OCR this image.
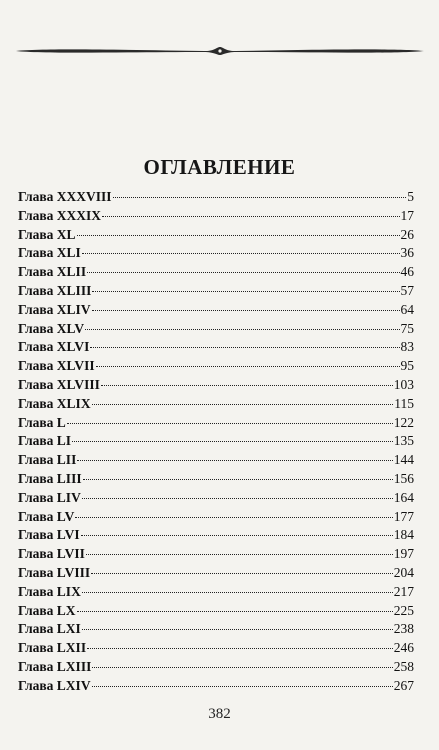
ОГЛАВЛЕНИЕ
Глава XXXVIII	5
Глава XXXIX	17
Глава XL	26
Глава XLI	36
Глава XLII	46
Глава XLIII	57
Глава XLIV	64
Глава XLV	75
Глава XLVI	83
Глава XLVII	95
Глава XLVIII	103
Глава XLIX	115
Глава L	122
Глава LI	135
Глава LII	144
Глава LIII	156
Глава LIV	164
Глава LV	177
Глава LVI	184
Глава LVII	197
Глава LVIII	204
Глава LIX	217
Глава LX	225
Глава LXI	238
Глава LXII	246
Глава LXIII	258
Глава LXIV	267
382
